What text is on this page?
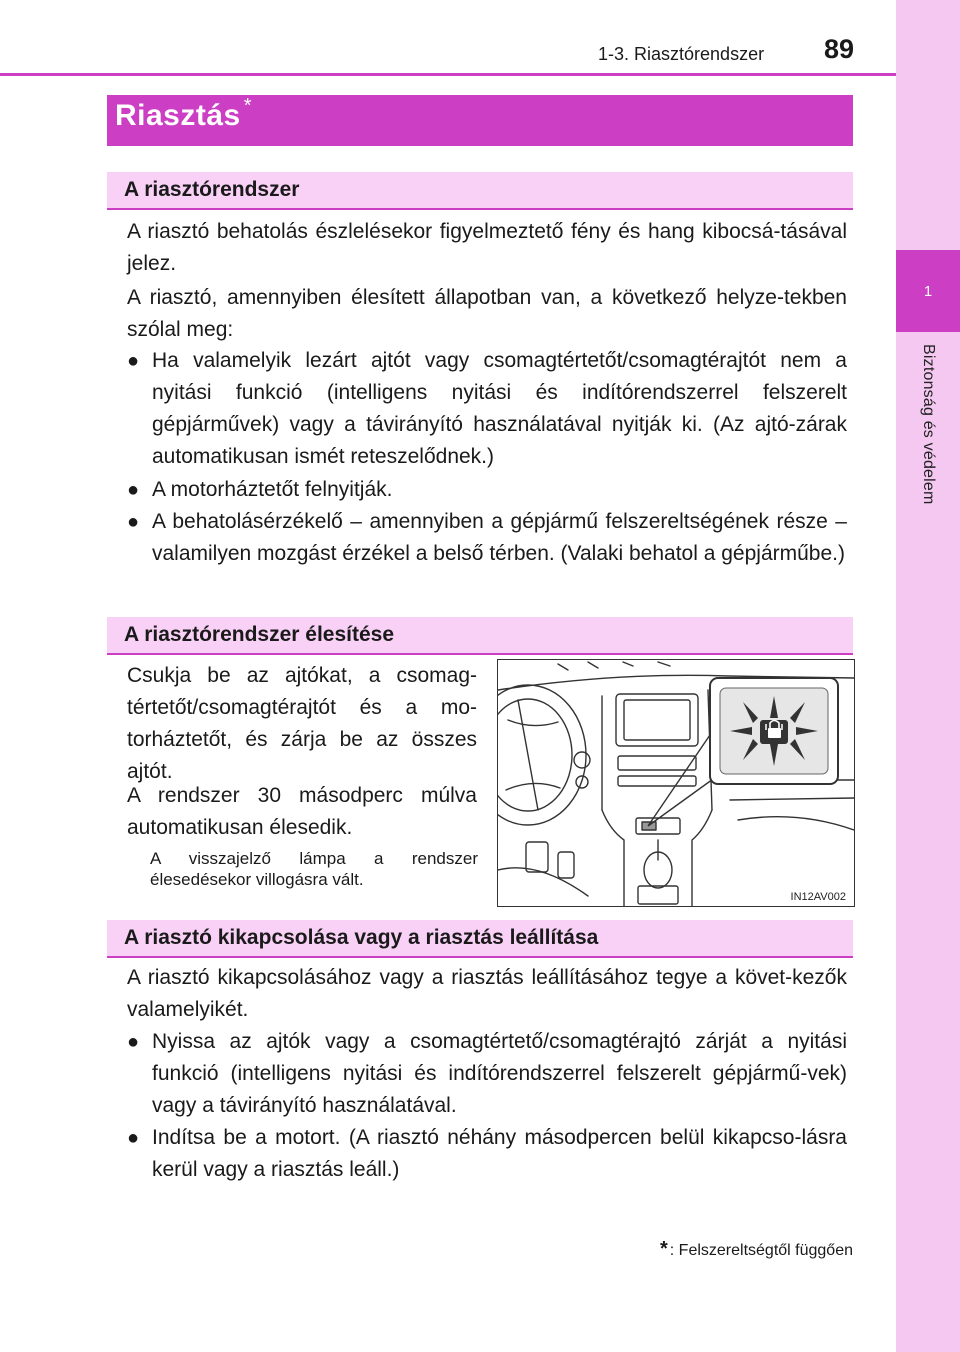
1
Biztonság és védelem
1-3. Riasztórendszer 89
Riasztás *
A riasztórendszer
A riasztó behatolás észlelésekor figyelmeztető fény és hang kibocsá-tásával jelez.
A riasztó, amennyiben élesített állapotban van, a következő helyze-tekben szólal meg:
● Ha valamelyik lezárt ajtót vagy csomagtértetőt/csomagtérajtót nem a nyitási funkció (intelligens nyitási és indítórendszerrel felszerelt gépjárművek) vagy a távirányító használatával nyitják ki. (Az ajtó-zárak automatikusan ismét reteszelődnek.)
● A motorháztetőt felnyitják.
● A behatolásérzékelő – amennyiben a gépjármű felszereltségének része – valamilyen mozgást érzékel a belső térben. (Valaki behatol a gépjárműbe.)
A riasztórendszer élesítése
Csukja be az ajtókat, a csomag-tértetőt/csomagtérajtót és a mo-torháztetőt, és zárja be az összes ajtót.
A rendszer 30 másodperc múlva automatikusan élesedik.
A visszajelző lámpa a rendszer élesedésekor villogásra vált.
IN12AV002
A riasztó kikapcsolása vagy a riasztás leállítása
A riasztó kikapcsolásához vagy a riasztás leállításához tegye a követ-kezők valamelyikét.
● Nyissa az ajtók vagy a csomagtértető/csomagtérajtó zárját a nyitási funkció (intelligens nyitási és indítórendszerrel felszerelt gépjármű-vek) vagy a távirányító használatával.
● Indítsa be a motort. (A riasztó néhány másodpercen belül kikapcso-lásra kerül vagy a riasztás leáll.)
* : Felszereltségtől függően
